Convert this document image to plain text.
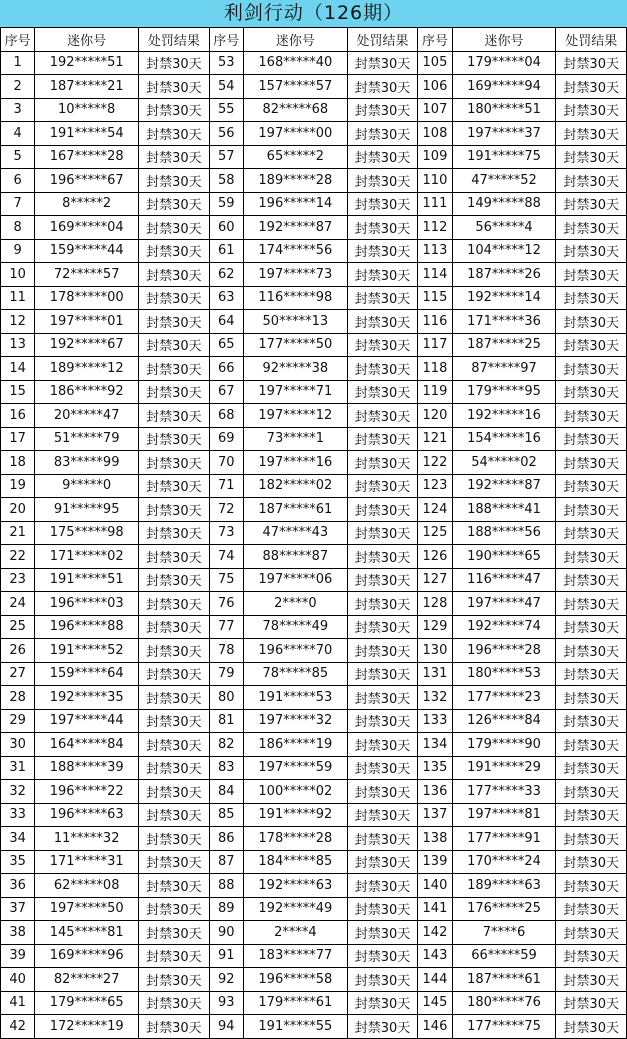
利剑行动（126期）
序号	迷你号	处罚结果	序号	迷你号	处罚结果	序号	迷你号	处罚结果
1	192*****51	封禁30天	53	168*****40	封禁30天	105	179*****04	封禁30天
2	187*****21	封禁30天	54	157*****57	封禁30天	106	169*****94	封禁30天
3	10*****8	封禁30天	55	82*****68	封禁30天	107	180*****51	封禁30天
4	191*****54	封禁30天	56	197*****00	封禁30天	108	197*****37	封禁30天
5	167*****28	封禁30天	57	65*****2	封禁30天	109	191*****75	封禁30天
6	196*****67	封禁30天	58	189*****28	封禁30天	110	47*****52	封禁30天
7	8*****2	封禁30天	59	196*****14	封禁30天	111	149*****88	封禁30天
8	169*****04	封禁30天	60	192*****87	封禁30天	112	56*****4	封禁30天
9	159*****44	封禁30天	61	174*****56	封禁30天	113	104*****12	封禁30天
10	72*****57	封禁30天	62	197*****73	封禁30天	114	187*****26	封禁30天
11	178*****00	封禁30天	63	116*****98	封禁30天	115	192*****14	封禁30天
12	197*****01	封禁30天	64	50*****13	封禁30天	116	171*****36	封禁30天
13	192*****67	封禁30天	65	177*****50	封禁30天	117	187*****25	封禁30天
14	189*****12	封禁30天	66	92*****38	封禁30天	118	87*****97	封禁30天
15	186*****92	封禁30天	67	197*****71	封禁30天	119	179*****95	封禁30天
16	20*****47	封禁30天	68	197*****12	封禁30天	120	192*****16	封禁30天
17	51*****79	封禁30天	69	73*****1	封禁30天	121	154*****16	封禁30天
18	83*****99	封禁30天	70	197*****16	封禁30天	122	54*****02	封禁30天
19	9*****0	封禁30天	71	182*****02	封禁30天	123	192*****87	封禁30天
20	91*****95	封禁30天	72	187*****61	封禁30天	124	188*****41	封禁30天
21	175*****98	封禁30天	73	47*****43	封禁30天	125	188*****56	封禁30天
22	171*****02	封禁30天	74	88*****87	封禁30天	126	190*****65	封禁30天
23	191*****51	封禁30天	75	197*****06	封禁30天	127	116*****47	封禁30天
24	196*****03	封禁30天	76	2****0	封禁30天	128	197*****47	封禁30天
25	196*****88	封禁30天	77	78*****49	封禁30天	129	192*****74	封禁30天
26	191*****52	封禁30天	78	196*****70	封禁30天	130	196*****28	封禁30天
27	159*****64	封禁30天	79	78*****85	封禁30天	131	180*****53	封禁30天
28	192*****35	封禁30天	80	191*****53	封禁30天	132	177*****23	封禁30天
29	197*****44	封禁30天	81	197*****32	封禁30天	133	126*****84	封禁30天
30	164*****84	封禁30天	82	186*****19	封禁30天	134	179*****90	封禁30天
31	188*****39	封禁30天	83	197*****59	封禁30天	135	191*****29	封禁30天
32	196*****22	封禁30天	84	100*****02	封禁30天	136	177*****33	封禁30天
33	196*****63	封禁30天	85	191*****92	封禁30天	137	197*****81	封禁30天
34	11*****32	封禁30天	86	178*****28	封禁30天	138	177*****91	封禁30天
35	171*****31	封禁30天	87	184*****85	封禁30天	139	170*****24	封禁30天
36	62*****08	封禁30天	88	192*****63	封禁30天	140	189*****63	封禁30天
37	197*****50	封禁30天	89	192*****49	封禁30天	141	176*****25	封禁30天
38	145*****81	封禁30天	90	2****4	封禁30天	142	7****6	封禁30天
39	169*****96	封禁30天	91	183*****77	封禁30天	143	66*****59	封禁30天
40	82*****27	封禁30天	92	196*****58	封禁30天	144	187*****61	封禁30天
41	179*****65	封禁30天	93	179*****61	封禁30天	145	180*****76	封禁30天
42	172*****19	封禁30天	94	191*****55	封禁30天	146	177*****75	封禁30天
